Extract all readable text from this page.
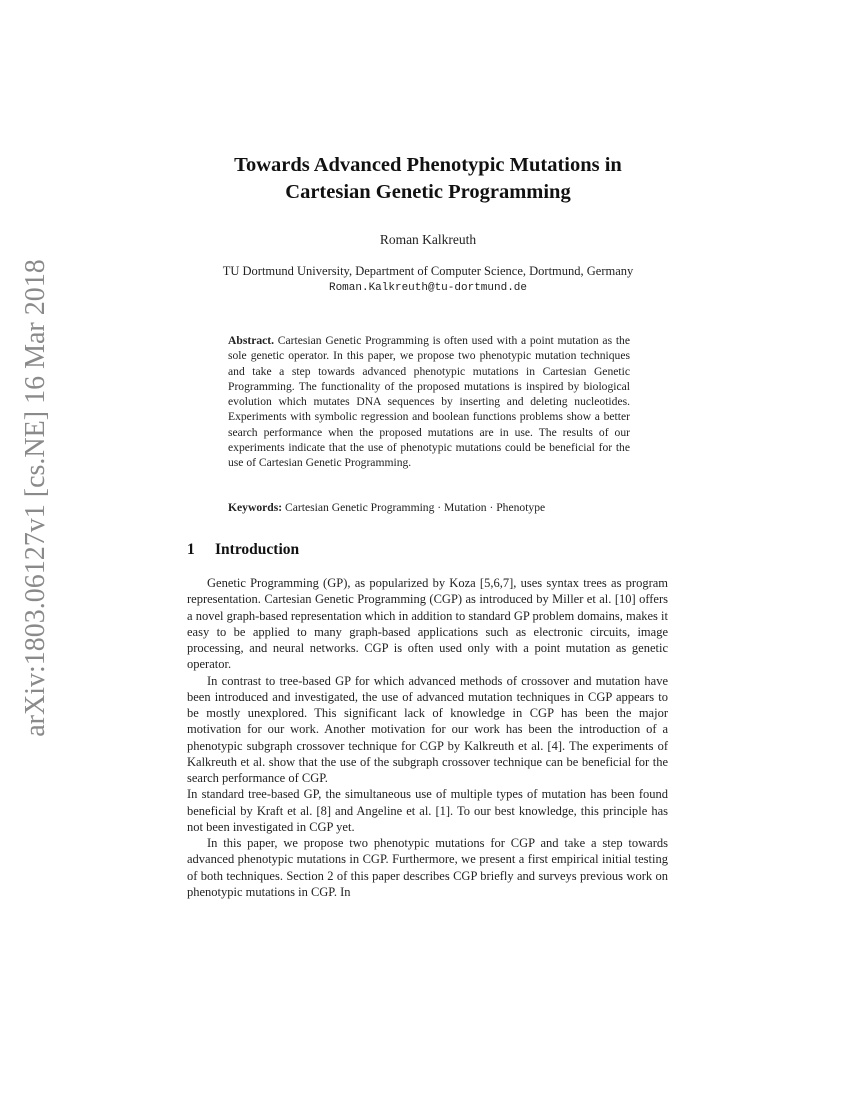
arXiv:1803.06127v1 [cs.NE] 16 Mar 2018
Towards Advanced Phenotypic Mutations in
Cartesian Genetic Programming
Roman Kalkreuth
TU Dortmund University, Department of Computer Science, Dortmund, Germany
Roman.Kalkreuth@tu-dortmund.de
Abstract. Cartesian Genetic Programming is often used with a point mutation as the sole genetic operator. In this paper, we propose two phenotypic mutation techniques and take a step towards advanced phenotypic mutations in Cartesian Genetic Programming. The functionality of the proposed mutations is inspired by biological evolution which mutates DNA sequences by inserting and deleting nucleotides. Experiments with symbolic regression and boolean functions problems show a better search performance when the proposed mutations are in use. The results of our experiments indicate that the use of phenotypic mutations could be beneficial for the use of Cartesian Genetic Programming.
Keywords: Cartesian Genetic Programming · Mutation · Phenotype
1 Introduction

Genetic Programming (GP), as popularized by Koza [5,6,7], uses syntax trees as program representation. Cartesian Genetic Programming (CGP) as introduced by Miller et al. [10] offers a novel graph-based representation which in addition to standard GP problem domains, makes it easy to be applied to many graph-based applications such as electronic circuits, image processing, and neural networks. CGP is often used only with a point mutation as genetic operator.

In contrast to tree-based GP for which advanced methods of crossover and mutation have been introduced and investigated, the use of advanced mutation techniques in CGP appears to be mostly unexplored. This significant lack of knowledge in CGP has been the major motivation for our work. Another motivation for our work has been the introduction of a phenotypic subgraph crossover technique for CGP by Kalkreuth et al. [4]. The experiments of Kalkreuth et al. show that the use of the subgraph crossover technique can be beneficial for the search performance of CGP.

In standard tree-based GP, the simultaneous use of multiple types of mutation has been found beneficial by Kraft et al. [8] and Angeline et al. [1]. To our best knowledge, this principle has not been investigated in CGP yet.

In this paper, we propose two phenotypic mutations for CGP and take a step towards advanced phenotypic mutations in CGP. Furthermore, we present a first empirical initial testing of both techniques. Section 2 of this paper describes CGP briefly and surveys previous work on phenotypic mutations in CGP. In
